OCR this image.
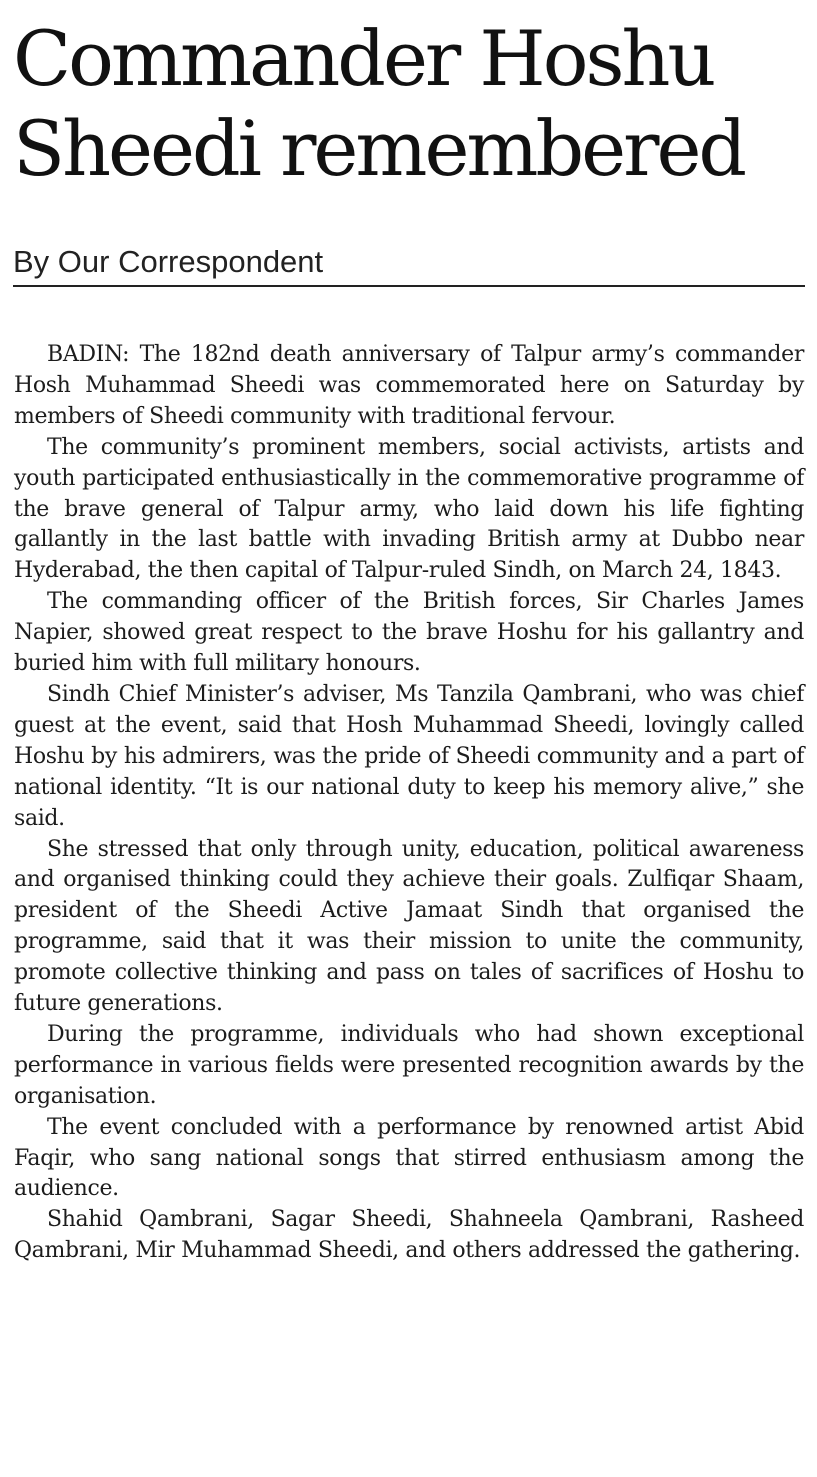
Commander Hoshu
Sheedi remembered
By Our Correspondent

BADIN: The 182nd death anniversary of Talpur army’s commander Hosh Muhammad Sheedi was commemorated here on Saturday by members of Sheedi community with traditional fervour.

The community’s prominent members, social activists, artists and youth participated enthusiastically in the commemorative programme of the brave general of Talpur army, who laid down his life fighting gallantly in the last battle with invading British army at Dubbo near Hyderabad, the then capital of Talpur-ruled Sindh, on March 24, 1843.

The commanding officer of the British forces, Sir Charles James Napier, showed great respect to the brave Hoshu for his gallantry and buried him with full military honours.

Sindh Chief Minister’s adviser, Ms Tanzila Qambrani, who was chief guest at the event, said that Hosh Muhammad Sheedi, lovingly called Hoshu by his admirers, was the pride of Sheedi community and a part of national identity. “It is our national duty to keep his memory alive,” she said.

She stressed that only through unity, education, political awareness and organised thinking could they achieve their goals. Zulfiqar Shaam, president of the Sheedi Active Jamaat Sindh that organised the programme, said that it was their mission to unite the community, promote collective thinking and pass on tales of sacrifices of Hoshu to future generations.

During the programme, individuals who had shown exceptional performance in various fields were presented recognition awards by the organisation.

The event concluded with a performance by renowned artist Abid Faqir, who sang national songs that stirred enthusiasm among the audience.

Shahid Qambrani, Sagar Sheedi, Shahneela Qambrani, Rasheed Qambrani, Mir Muhammad Sheedi, and others addressed the gathering.
